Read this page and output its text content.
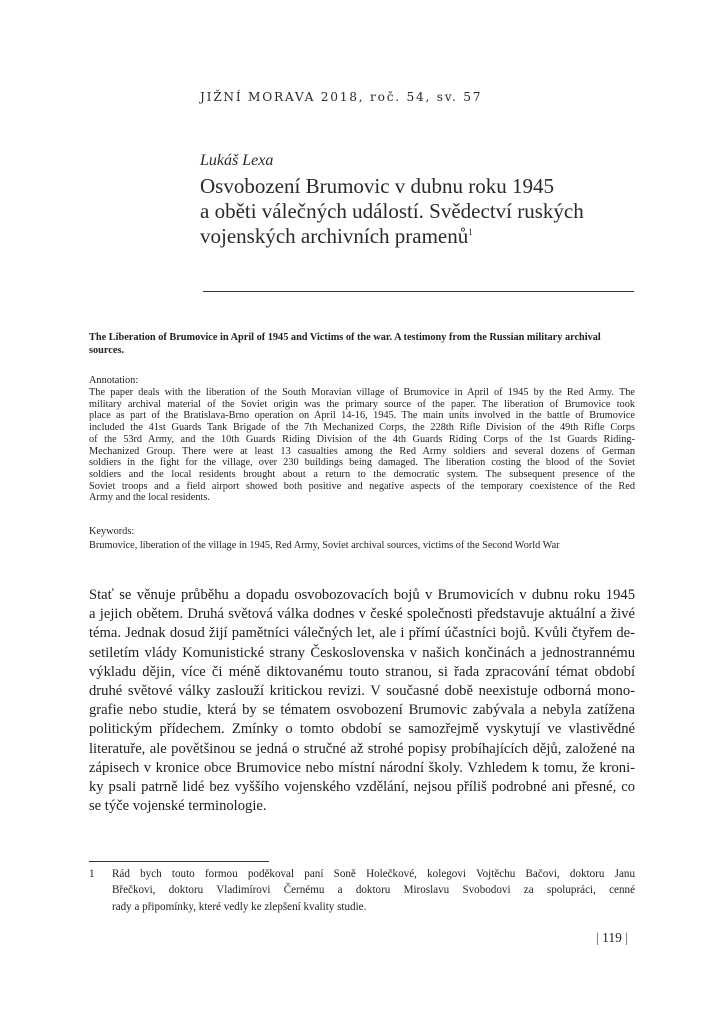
JIŽNÍ MORAVA 2018, roč. 54, sv. 57
Lukáš Lexa
Osvobození Brumovic v dubnu roku 1945
a oběti válečných událostí. Svědectví ruských
vojenských archivních pramenů$^1$
The Liberation of Brumovice in April of 1945 and Victims of the war. A testimony from the Russian military archival sources.
Annotation:
The paper deals with the liberation of the South Moravian village of Brumovice in April of 1945 by the Red Army. The
military archival material of the Soviet origin was the primary source of the paper. The liberation of Brumovice took
place as part of the Bratislava-Brno operation on April 14-16, 1945. The main units involved in the battle of Brumovice
included the 41st Guards Tank Brigade of the 7th Mechanized Corps, the 228th Rifle Division of the 49th Rifle Corps
of the 53rd Army, and the 10th Guards Riding Division of the 4th Guards Riding Corps of the 1st Guards Riding-
Mechanized Group. There were at least 13 casualties among the Red Army soldiers and several dozens of German
soldiers in the fight for the village, over 230 buildings being damaged. The liberation costing the blood of the Soviet
soldiers and the local residents brought about a return to the democratic system. The subsequent presence of the
Soviet troops and a field airport showed both positive and negative aspects of the temporary coexistence of the Red
Army and the local residents.
Keywords:
Brumovice, liberation of the village in 1945, Red Army, Soviet archival sources, victims of the Second World War
Stať se věnuje průběhu a dopadu osvobozovacích bojů v Brumovicích v dubnu roku 1945
a jejich obětem. Druhá světová válka dodnes v české společnosti představuje aktuální a živé
téma. Jednak dosud žijí pamětníci válečných let, ale i přímí účastníci bojů. Kvůli čtyřem de-
setiletím vlády Komunistické strany Československa v našich končinách a jednostrannému
výkladu dějin, více či méně diktovanému touto stranou, si řada zpracování témat období
druhé světové války zaslouží kritickou revizi. V současné době neexistuje odborná mono-
grafie nebo studie, která by se tématem osvobození Brumovic zabývala a nebyla zatížena
politickým přídechem. Zmínky o tomto období se samozřejmě vyskytují ve vlastivědné
literatuře, ale povětšinou se jedná o stručné až strohé popisy probíhajících dějů, založené na
zápisech v kronice obce Brumovice nebo místní národní školy. Vzhledem k tomu, že kroni-
ky psali patrně lidé bez vyššího vojenského vzdělání, nejsou příliš podrobné ani přesné, co
se týče vojenské terminologie.
1 Rád bych touto formou poděkoval paní Soně Holečkové, kolegovi Vojtěchu Bačovi, doktoru Janu
Břečkovi, doktoru Vladimírovi Černému a doktoru Miroslavu Svobodovi za spolupráci, cenné
rady a připomínky, které vedly ke zlepšení kvality studie.
| 119 |
